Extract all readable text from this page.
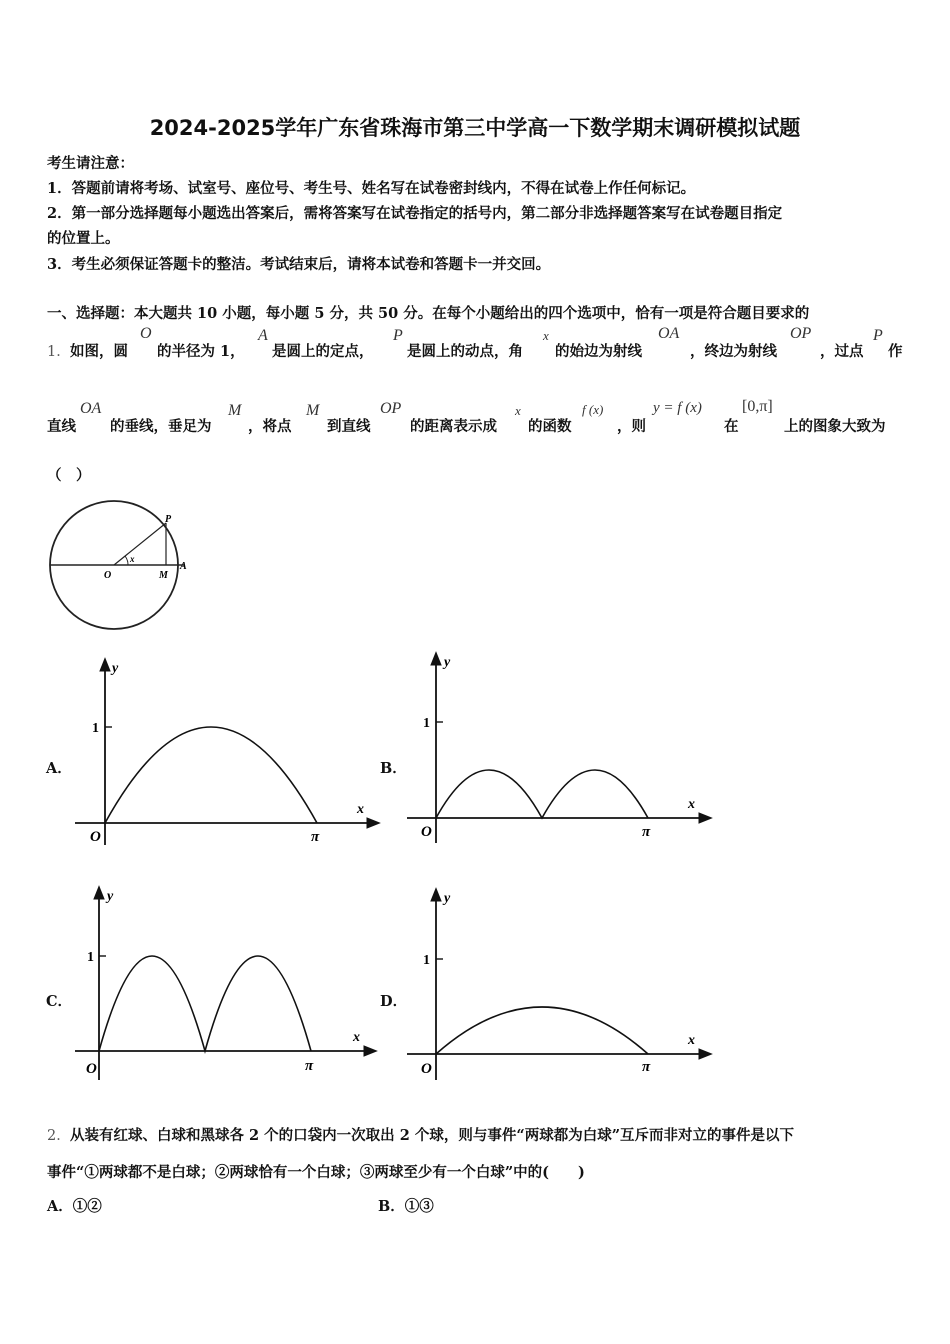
2024-2025学年广东省珠海市第三中学高一下数学期末调研模拟试题
考生请注意：
1．答题前请将考场、试室号、座位号、考生号、姓名写在试卷密封线内，不得在试卷上作任何标记。
2．第一部分选择题每小题选出答案后，需将答案写在试卷指定的括号内，第二部分非选择题答案写在试卷题目指定
的位置上。
3．考生必须保证答题卡的整洁。考试结束后，请将本试卷和答题卡一并交回。
一、选择题：本大题共 10 小题，每小题 5 分，共 50 分。在每个小题给出的四个选项中，恰有一项是符合题目要求的
1． 如图，圆
O
的半径为 1，
A
是圆上的定点，
P
是圆上的动点，角
x
的始边为射线
OA
，终边为射线
OP
，过点
P
作
直线
OA
的垂线，垂足为
M
，将点
M
到直线
OP
的距离表示成
x
的函数
f (x)
，则
y = f (x)
在
[0,π]
上的图象大致为
（　）
O	M
A
P
x
A．
y
x
1
O	π
B．
y
x
1
O	π
C．
y
x
1
O	π
D．
y
x
1
O	π
2． 从装有红球、白球和黑球各 2 个的口袋内一次取出 2 个球，则与事件“两球都为白球”互斥而非对立的事件是以下
事件“①两球都不是白球；②两球恰有一个白球；③两球至少有一个白球”中的(　　)
A．①②	B．①③
